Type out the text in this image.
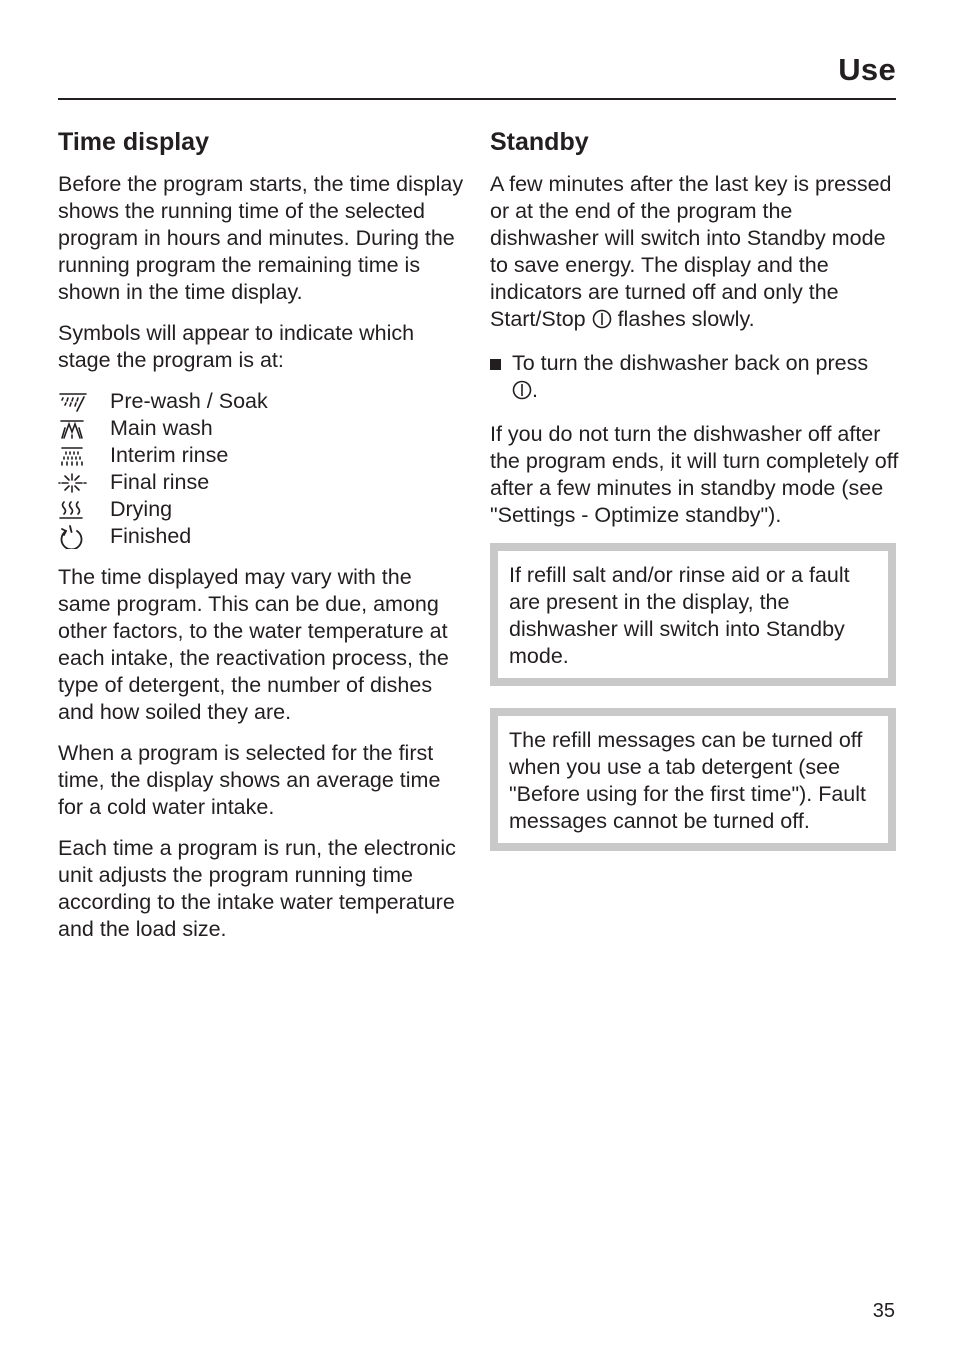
Use
Time display

Before the program starts, the time display shows the running time of the selected program in hours and minutes. During the running program the remaining time is shown in the time display.

Symbols will appear to indicate which stage the program is at:

Pre-wash / Soak
Main wash
Interim rinse
Final rinse
Drying
Finished

The time displayed may vary with the same program. This can be due, among other factors, to the water temperature at each intake, the reactivation process, the type of detergent, the number of dishes and how soiled they are.

When a program is selected for the first time, the display shows an average time for a cold water intake.

Each time a program is run, the electronic unit adjusts the program running time according to the intake water temperature and the load size.

Standby

A few minutes after the last key is pressed or at the end of the program the dishwasher will switch into Standby mode to save energy. The display and the indicators are turned off and only the Start/Stop  flashes slowly.

To turn the dishwasher back on press
.

If you do not turn the dishwasher off after the program ends, it will turn completely off after a few minutes in standby mode (see "Settings - Optimize standby").

If refill salt and/or rinse aid or a fault are present in the display, the dishwasher will switch into Standby mode.

The refill messages can be turned off when you use a tab detergent (see "Before using for the first time"). Fault messages cannot be turned off.

35
